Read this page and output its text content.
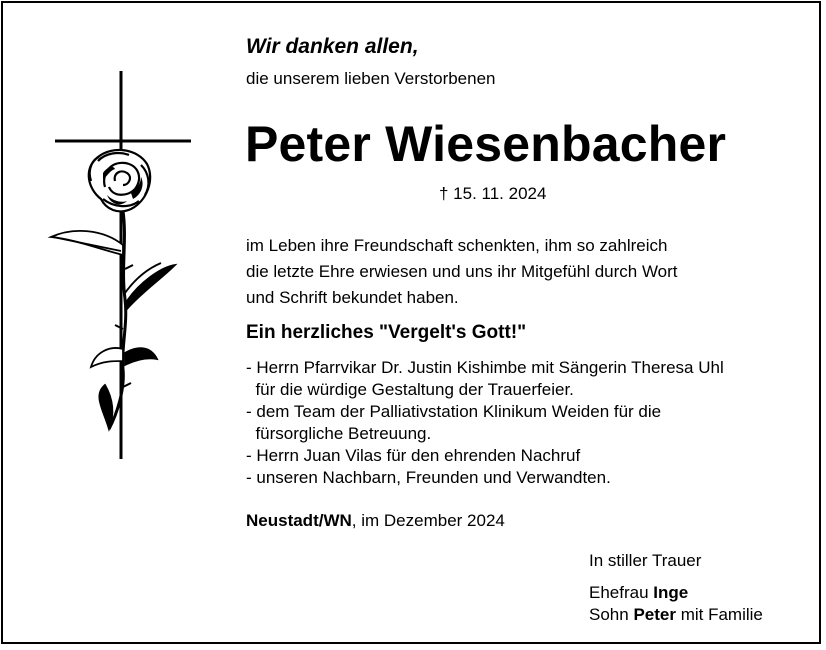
Wir danken allen,
die unserem lieben Verstorbenen
Peter Wiesenbacher
† 15. 11. 2024
im Leben ihre Freundschaft schenkten, ihm so zahlreich
die letzte Ehre erwiesen und uns ihr Mitgefühl durch Wort
und Schrift bekundet haben.
Ein herzliches "Vergelt's Gott!"
- Herrn Pfarrvikar Dr. Justin Kishimbe mit Sängerin Theresa Uhl
für die würdige Gestaltung der Trauerfeier.
- dem Team der Palliativstation Klinikum Weiden für die
fürsorgliche Betreuung.
- Herrn Juan Vilas für den ehrenden Nachruf
- unseren Nachbarn, Freunden und Verwandten.
Neustadt/WN, im Dezember 2024
In stiller Trauer
Ehefrau Inge
Sohn Peter mit Familie
